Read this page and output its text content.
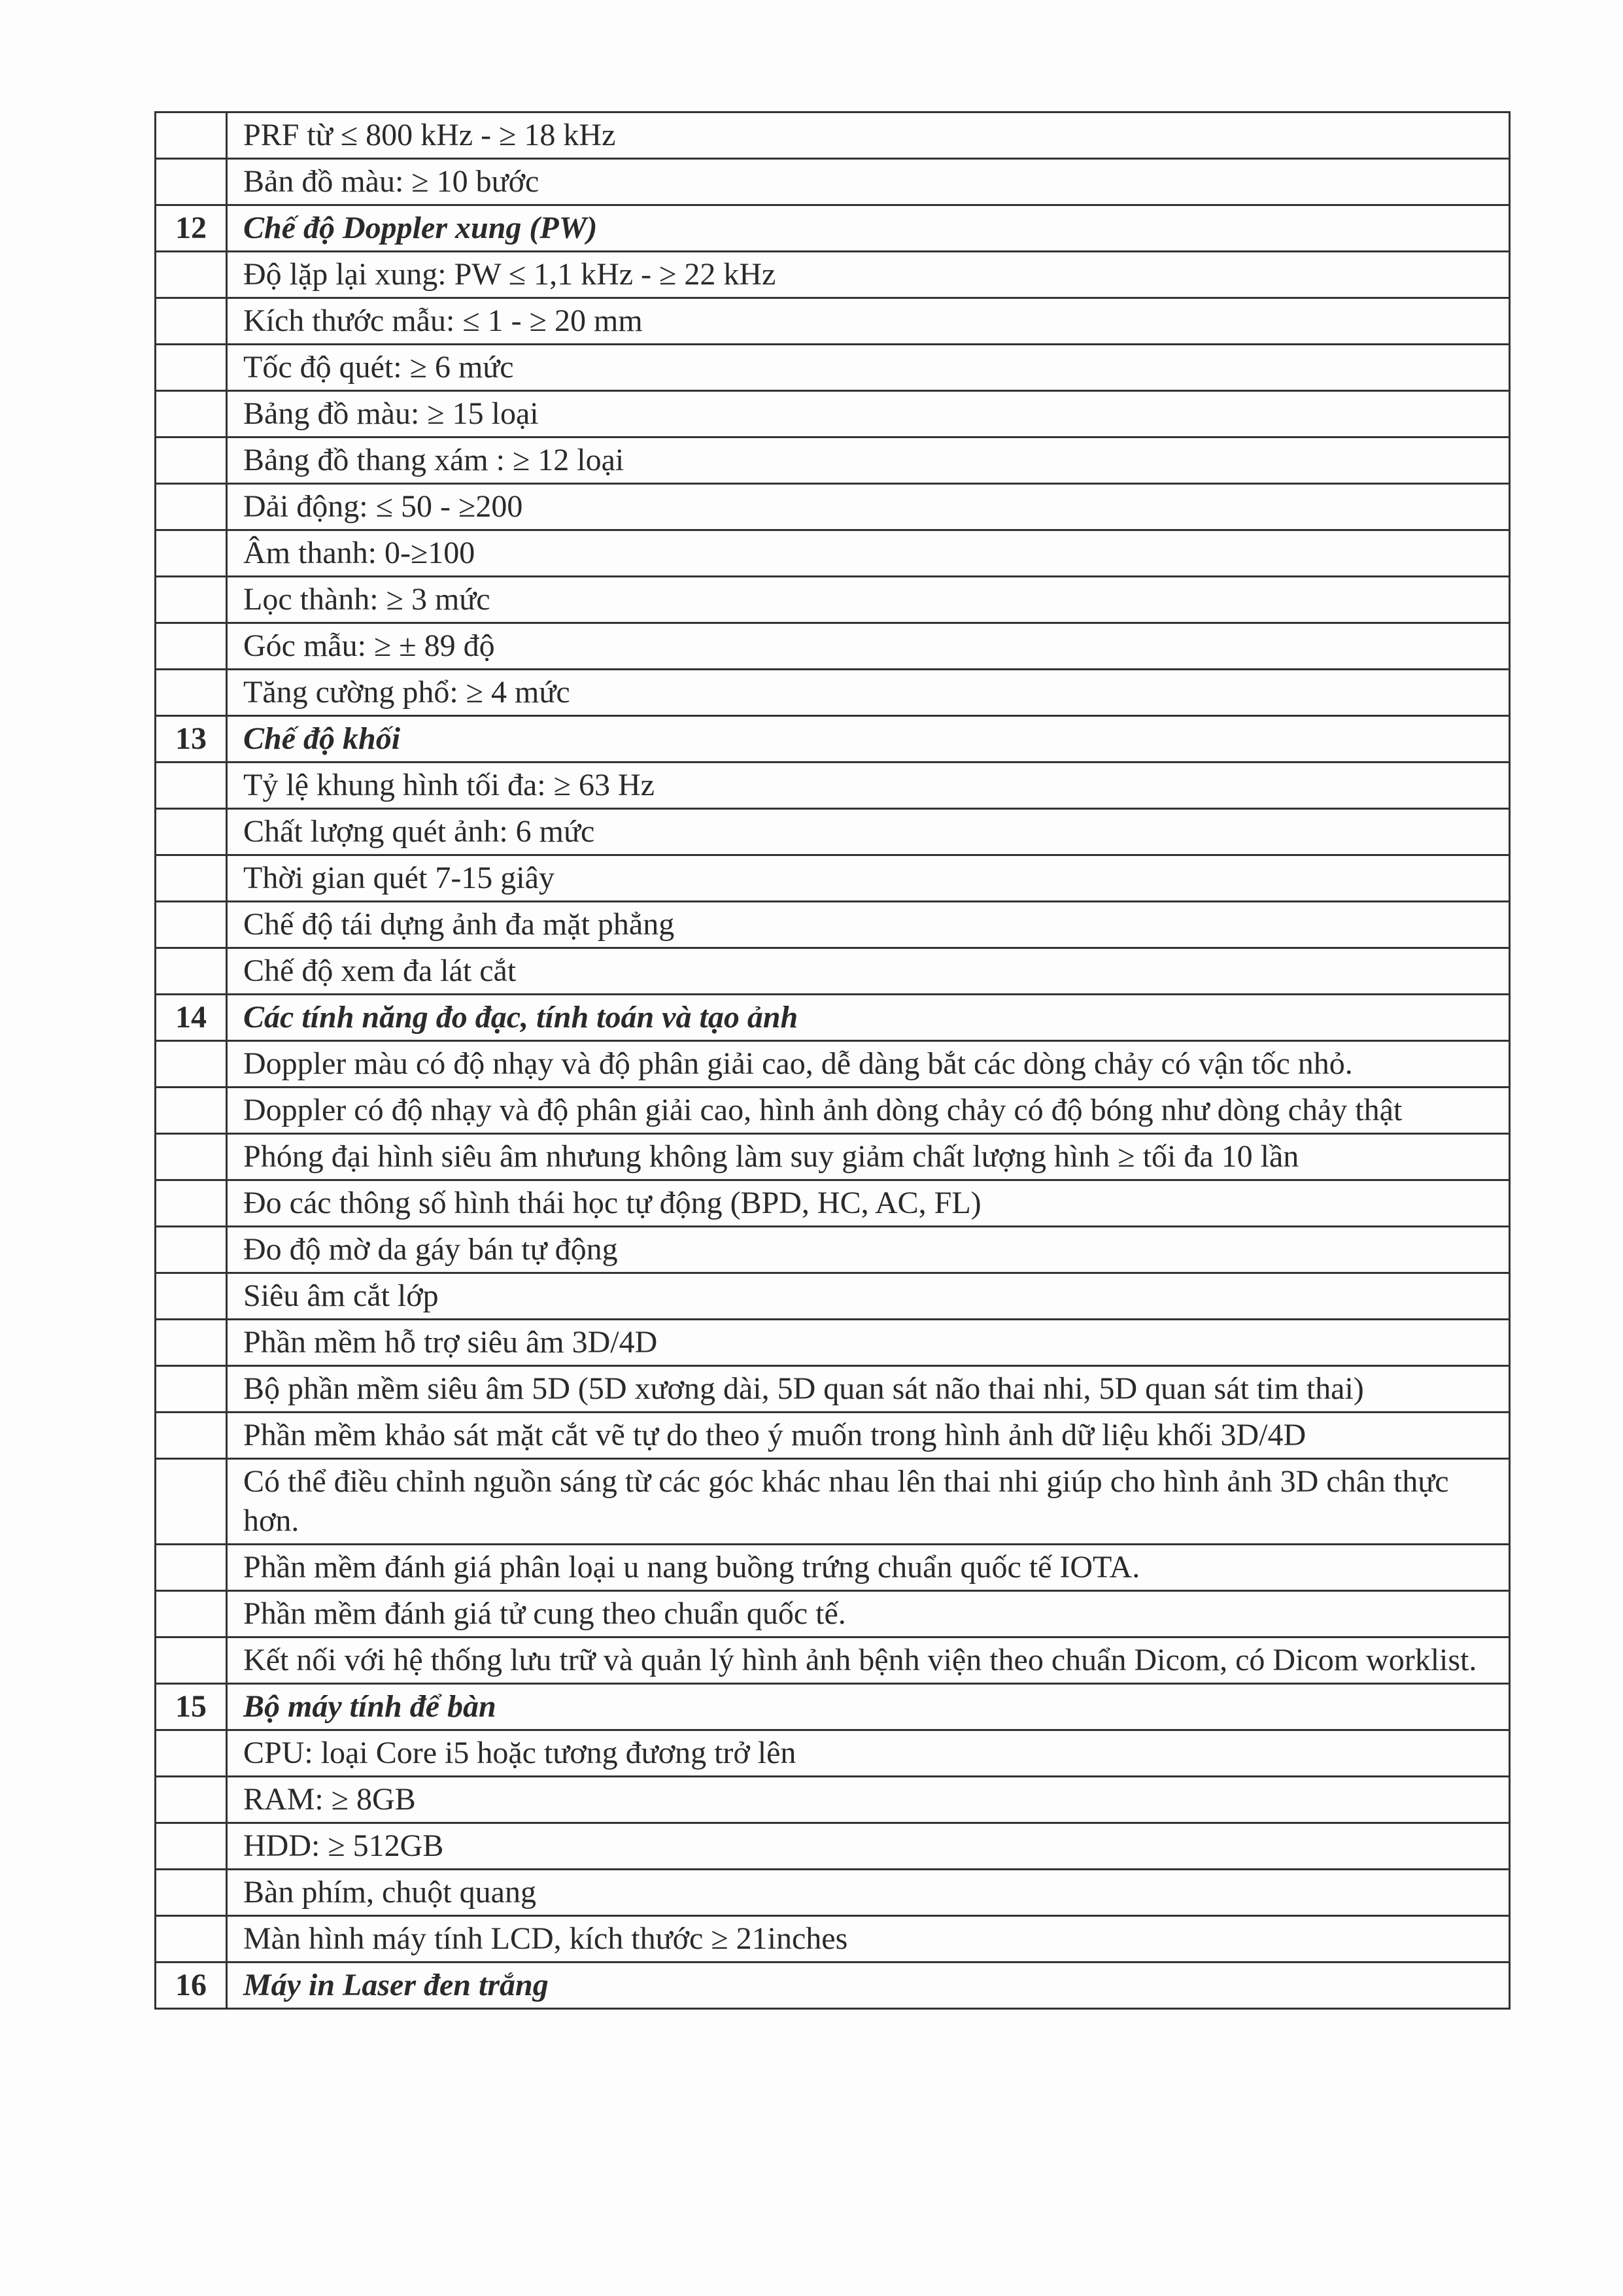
	PRF từ ≤ 800 kHz - ≥ 18 kHz
	Bản đồ màu: ≥ 10 bước
12	Chế độ Doppler xung (PW)
	Độ lặp lại xung: PW ≤ 1,1 kHz - ≥ 22 kHz
	Kích thước mẫu: ≤ 1 - ≥ 20 mm
	Tốc độ quét: ≥ 6 mức
	Bảng đồ màu: ≥ 15 loại
	Bảng đồ thang xám : ≥ 12 loại
	Dải động: ≤ 50 - ≥200
	Âm thanh: 0-≥100
	Lọc thành: ≥ 3 mức
	Góc mẫu: ≥ ± 89 độ
	Tăng cường phổ: ≥ 4 mức
13	Chế độ khối
	Tỷ lệ khung hình tối đa: ≥ 63 Hz
	Chất lượng quét ảnh: 6 mức
	Thời gian quét 7-15 giây
	Chế độ tái dựng ảnh đa mặt phẳng
	Chế độ xem đa lát cắt
14	Các tính năng đo đạc, tính toán và tạo ảnh
	Doppler màu có độ nhạy và độ phân giải cao, dễ dàng bắt các dòng chảy có vận tốc nhỏ.
	Doppler có độ nhạy và độ phân giải cao, hình ảnh dòng chảy có độ bóng như dòng chảy thật
	Phóng đại hình siêu âm nhưung không làm suy giảm chất lượng hình ≥ tối đa 10 lần
	Đo các thông số hình thái học tự động (BPD, HC, AC, FL)
	Đo độ mờ da gáy bán tự động
	Siêu âm cắt lớp
	Phần mềm hỗ trợ siêu âm 3D/4D
	Bộ phần mềm siêu âm 5D (5D xương dài, 5D quan sát não thai nhi, 5D quan sát tim thai)
	Phần mềm khảo sát mặt cắt vẽ tự do theo ý muốn trong hình ảnh dữ liệu khối 3D/4D
	Có thể điều chỉnh nguồn sáng từ các góc khác nhau lên thai nhi giúp cho hình ảnh 3D chân thực hơn.
	Phần mềm đánh giá phân loại u nang buồng trứng chuẩn quốc tế IOTA.
	Phần mềm đánh giá tử cung theo chuẩn quốc tế.
	Kết nối với hệ thống lưu trữ và quản lý hình ảnh bệnh viện theo chuẩn Dicom, có Dicom worklist.
15	Bộ máy tính để bàn
	CPU: loại Core i5 hoặc tương đương trở lên
	RAM: ≥ 8GB
	HDD: ≥ 512GB
	Bàn phím, chuột quang
	Màn hình máy tính LCD, kích thước ≥ 21inches
16	Máy in Laser đen trắng
